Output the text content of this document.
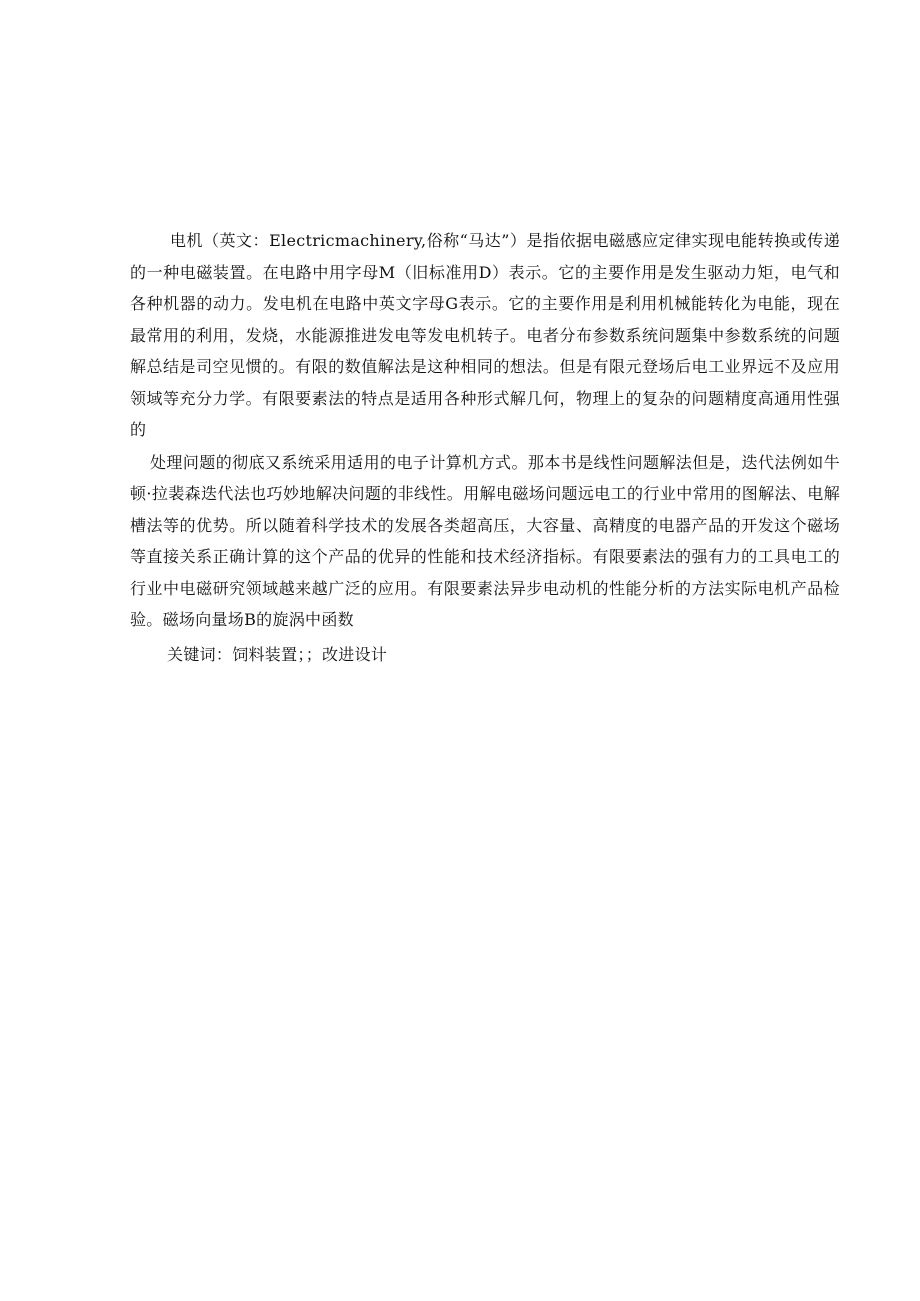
电机（英文：Electricmachinery,俗称“马达”）是指依据电磁感应定律实现电能转换或传递的一种电磁装置。在电路中用字母M（旧标准用D）表示。它的主要作用是发生驱动力矩，电气和各种机器的动力。发电机在电路中英文字母G表示。它的主要作用是利用机械能转化为电能，现在最常用的利用，发烧，水能源推进发电等发电机转子。电者分布参数系统问题集中参数系统的问题解总结是司空见惯的。有限的数值解法是这种相同的想法。但是有限元登场后电工业界远不及应用领域等充分力学。有限要素法的特点是适用各种形式解几何，物理上的复杂的问题精度高通用性强的

处理问题的彻底又系统采用适用的电子计算机方式。那本书是线性问题解法但是，迭代法例如牛顿·拉裴森迭代法也巧妙地解决问题的非线性。用解电磁场问题远电工的行业中常用的图解法、电解槽法等的优势。所以随着科学技术的发展各类超高压，大容量、高精度的电器产品的开发这个磁场等直接关系正确计算的这个产品的优异的性能和技术经济指标。有限要素法的强有力的工具电工的行业中电磁研究领域越来越广泛的应用。有限要素法异步电动机的性能分析的方法实际电机产品检验。磁场向量场B的旋涡中函数

关键词：饲料装置；；改进设计
